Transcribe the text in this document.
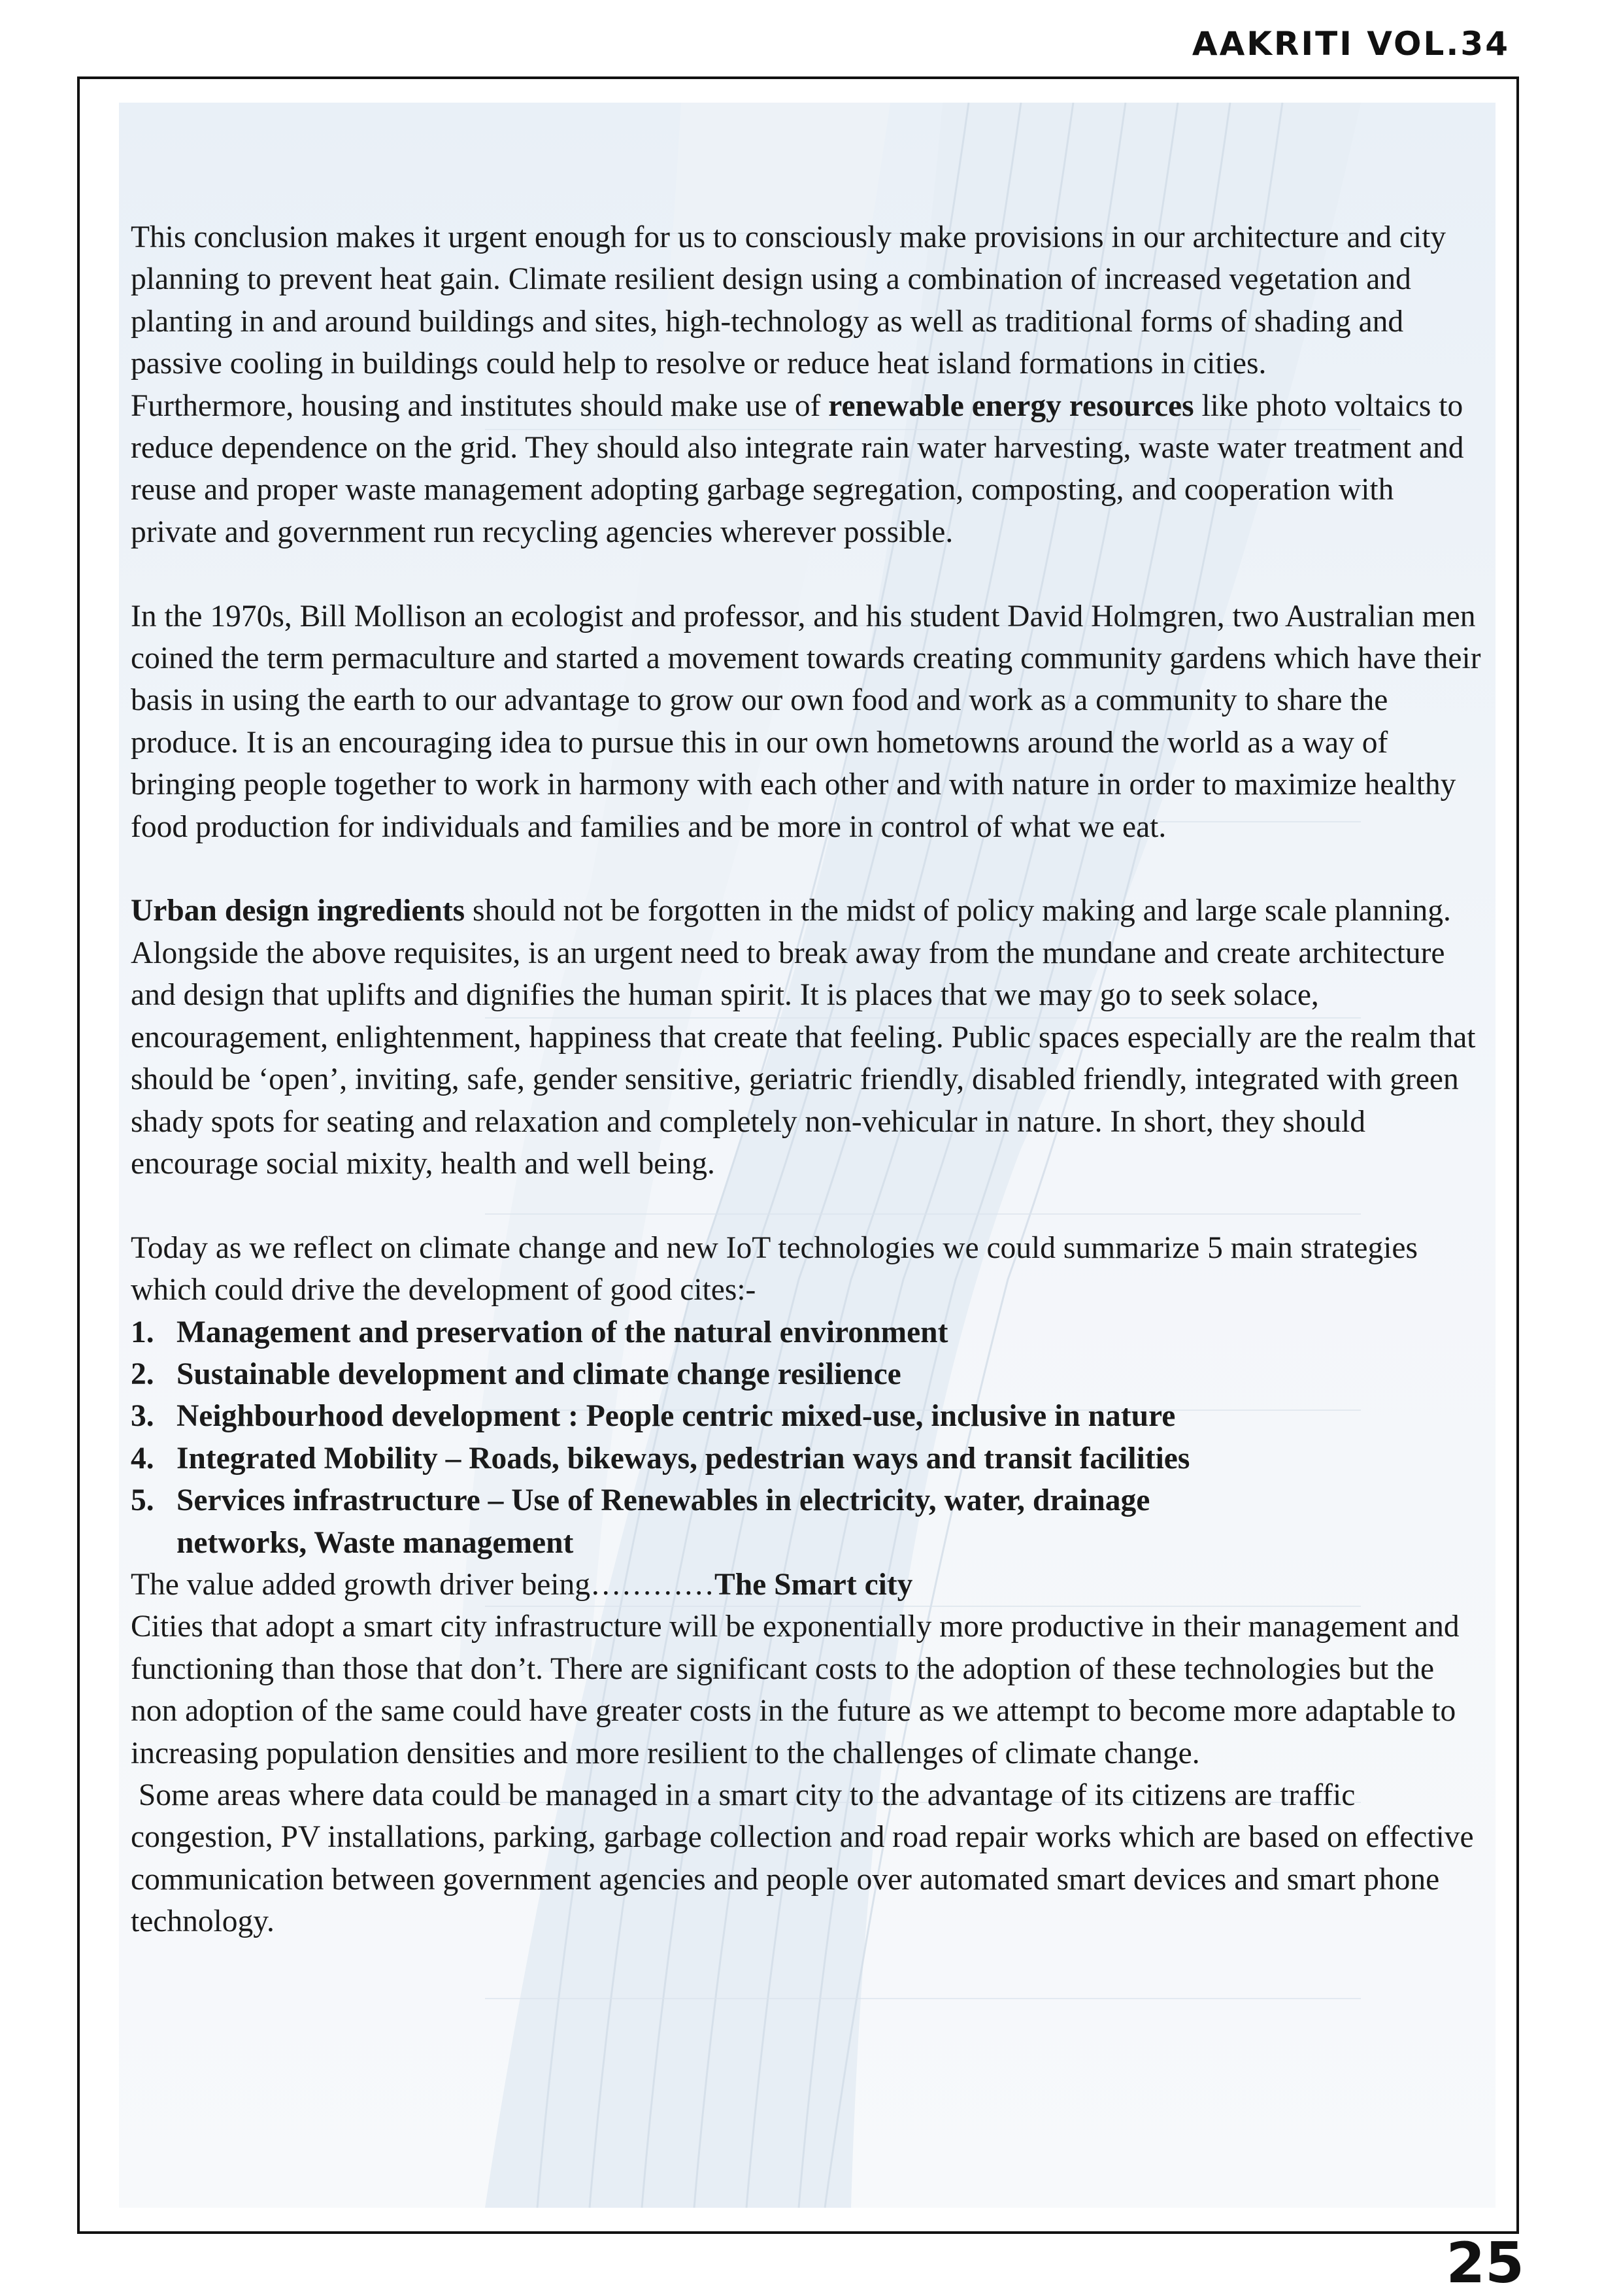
AAKRITI VOL.34

This conclusion makes it urgent enough for us to consciously make provisions in our architecture and city planning to prevent heat gain. Climate resilient design using a combination of increased vegetation and planting in and around buildings and sites, high-technology as well as traditional forms of shading and passive cooling in buildings could help to resolve or reduce heat island formations in cities.

Furthermore, housing and institutes should make use of renewable energy resources like photo voltaics to reduce dependence on the grid. They should also integrate rain water harvesting, waste water treatment and reuse and proper waste management adopting garbage segregation, composting, and cooperation with private and government run recycling agencies wherever possible.

In the 1970s, Bill Mollison an ecologist and professor, and his student David Holmgren, two Australian men coined the term permaculture and started a movement towards creating community gardens which have their basis in using the earth to our advantage to grow our own food and work as a community to share the produce. It is an encouraging idea to pursue this in our own hometowns around the world as a way of bringing people together to work in harmony with each other and with nature in order to maximize healthy food production for individuals and families and be more in control of what we eat.

Urban design ingredients should not be forgotten in the midst of policy making and large scale planning. Alongside the above requisites, is an urgent need to break away from the mundane and create architecture and design that uplifts and dignifies the human spirit. It is places that we may go to seek solace, encouragement, enlightenment, happiness that create that feeling. Public spaces especially are the realm that should be ‘open’, inviting, safe, gender sensitive, geriatric friendly, disabled friendly, integrated with green shady spots for seating and relaxation and completely non-vehicular in nature. In short, they should encourage social mixity, health and well being.

Today as we reflect on climate change and new IoT technologies we could summarize 5 main strategies which could drive the development of good cites:-

1. Management and preservation of the natural environment
2. Sustainable development and climate change resilience
3. Neighbourhood development : People centric mixed-use, inclusive in nature
4. Integrated Mobility – Roads, bikeways, pedestrian ways and transit facilities
5. Services infrastructure – Use of Renewables in electricity, water, drainage networks, Waste management

The value added growth driver being…………The Smart city

Cities that adopt a smart city infrastructure will be exponentially more productive in their management and functioning than those that don’t. There are significant costs to the adoption of these technologies but the non adoption of the same could have greater costs in the future as we attempt to become more adaptable to increasing population densities and more resilient to the challenges of climate change.

Some areas where data could be managed in a smart city to the advantage of its citizens are traffic congestion, PV installations, parking, garbage collection and road repair works which are based on effective communication between government agencies and people over automated smart devices and smart phone technology.

25
